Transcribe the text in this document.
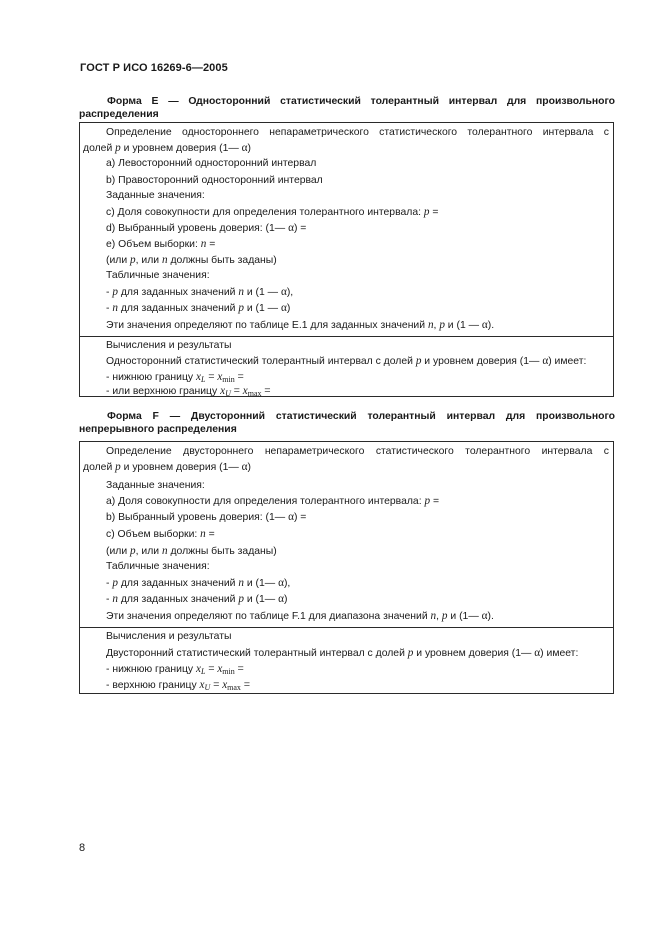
ГОСТ Р ИСО 16269-6—2005
Форма E — Односторонний статистический толерантный интервал для произвольного распределения
Определение одностороннего непараметрического статистического толерантного интервала с
долей p и уровнем доверия (1— α)
a) Левосторонний односторонний интервал
b) Правосторонний односторонний интервал
Заданные значения:
c) Доля совокупности для определения толерантного интервала: p =
d) Выбранный уровень доверия: (1— α) =
e) Объем выборки: n =
(или p, или n должны быть заданы)
Табличные значения:
- p для заданных значений n и (1 — α),
- n для заданных значений p и (1 — α)
Эти значения определяют по таблице E.1 для заданных значений n, p и (1 — α).
Вычисления и результаты
Односторонний статистический толерантный интервал с долей p и уровнем доверия (1— α) имеет:
- нижнюю границу xL = $x_{min}$ =
- или верхнюю границу xU = $x_{max}$ =
Форма F — Двусторонний статистический толерантный интервал для произвольного непрерывного распределения
Определение двустороннего непараметрического статистического толерантного интервала с
долей p и уровнем доверия (1— α)
Заданные значения:
a) Доля совокупности для определения толерантного интервала: p =
b) Выбранный уровень доверия: (1— α) =
c) Объем выборки: n =
(или p, или n должны быть заданы)
Табличные значения:
- p для заданных значений n и (1— α),
- n для заданных значений p и (1— α)
Эти значения определяют по таблице F.1 для диапазона значений n, p и (1— α).
Вычисления и результаты
Двусторонний статистический толерантный интервал с долей p и уровнем доверия (1— α) имеет:
- нижнюю границу xL = $x_{min}$ =
- верхнюю границу xU = $x_{max}$ =
8
